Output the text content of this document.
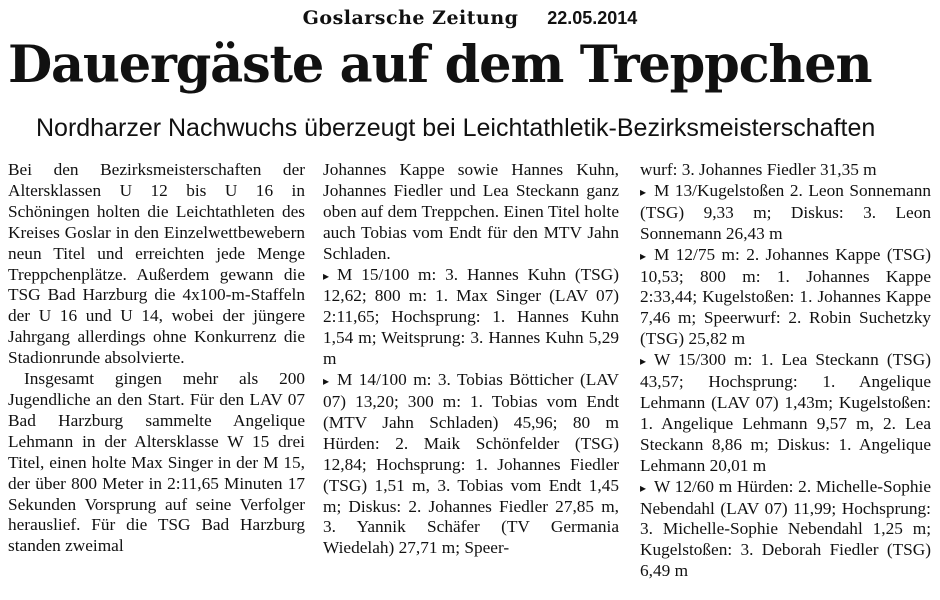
Goslarsche Zeitung 22.05.2014
Dauergäste auf dem Treppchen
Nordharzer Nachwuchs überzeugt bei Leichtathletik-Bezirksmeisterschaften

Bei den Bezirksmeisterschaften der Altersklassen U 12 bis U 16 in Schöningen holten die Leichtathleten des Kreises Goslar in den Einzelwettbewebern neun Titel und erreichten jede Menge Treppchenplätze. Außerdem gewann die TSG Bad Harzburg die 4x100-m-Staffeln der U 16 und U 14, wobei der jüngere Jahrgang allerdings ohne Konkurrenz die Stadionrunde absolvierte.

Insgesamt gingen mehr als 200 Jugendliche an den Start. Für den LAV 07 Bad Harzburg sammelte Angelique Lehmann in der Altersklasse W 15 drei Titel, einen holte Max Singer in der M 15, der über 800 Meter in 2:11,65 Minuten 17 Sekunden Vorsprung auf seine Verfolger herauslief. Für die TSG Bad Harzburg standen zweimal

Johannes Kappe sowie Hannes Kuhn, Johannes Fiedler und Lea Steckann ganz oben auf dem Treppchen. Einen Titel holte auch Tobias vom Endt für den MTV Jahn Schladen.

▸ M 15/100 m: 3. Hannes Kuhn (TSG) 12,62; 800 m: 1. Max Singer (LAV 07) 2:11,65; Hochsprung: 1. Hannes Kuhn 1,54 m; Weitsprung: 3. Hannes Kuhn 5,29 m

▸ M 14/100 m: 3. Tobias Bötticher (LAV 07) 13,20; 300 m: 1. Tobias vom Endt (MTV Jahn Schladen) 45,96; 80 m Hürden: 2. Maik Schönfelder (TSG) 12,84; Hochsprung: 1. Johannes Fiedler (TSG) 1,51 m, 3. Tobias vom Endt 1,45 m; Diskus: 2. Johannes Fiedler 27,85 m, 3. Yannik Schäfer (TV Germania Wiedelah) 27,71 m; Speer-

wurf: 3. Johannes Fiedler 31,35 m

▸ M 13/Kugelstoßen 2. Leon Sonnemann (TSG) 9,33 m; Diskus: 3. Leon Sonnemann 26,43 m

▸ M 12/75 m: 2. Johannes Kappe (TSG) 10,53; 800 m: 1. Johannes Kappe 2:33,44; Kugelstoßen: 1. Johannes Kappe 7,46 m; Speerwurf: 2. Robin Suchetzky (TSG) 25,82 m

▸ W 15/300 m: 1. Lea Steckann (TSG) 43,57; Hochsprung: 1. Angelique Lehmann (LAV 07) 1,43m; Kugelstoßen: 1. Angelique Lehmann 9,57 m, 2. Lea Steckann 8,86 m; Diskus: 1. Angelique Lehmann 20,01 m

▸ W 12/60 m Hürden: 2. Michelle-Sophie Nebendahl (LAV 07) 11,99; Hochsprung: 3. Michelle-Sophie Nebendahl 1,25 m; Kugelstoßen: 3. Deborah Fiedler (TSG) 6,49 m
